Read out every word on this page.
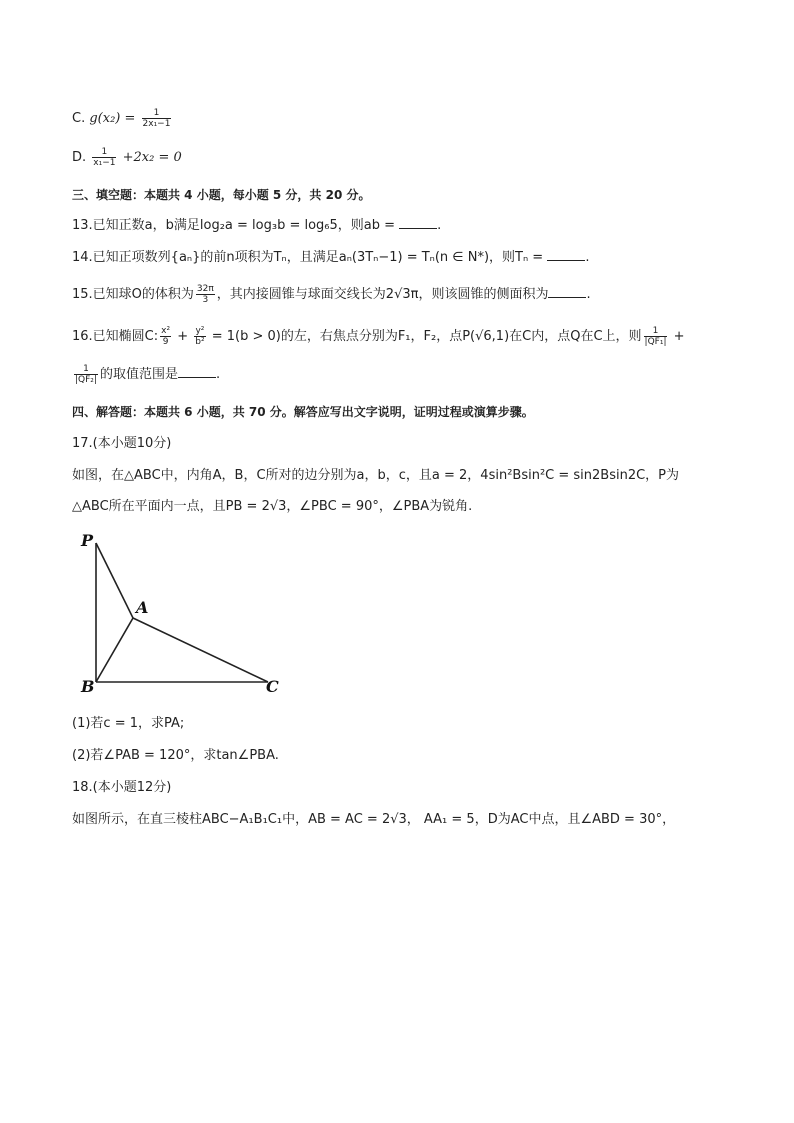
C. $g(x_2) = \frac{1}{\text{2x₁−1}}$
D. $\frac{1}{\text{x₁−1}} +2x_2 = 0$
三、填空题：本题共 4 小题，每小题 5 分，共 20 分。
13.已知正数a，b满足log₂a = log₃b = log₆5，则ab =	.
14.已知正项数列{aₙ}的前n项积为Tₙ，且满足aₙ(3Tₙ−1) = Tₙ(n ∈ N*)，则Tₙ =	.
15.已知球O的体积为 $\frac{32\pi}{3}$ ，其内接圆锥与球面交线长为2√3π，则该圆锥的侧面积为	.
16.已知椭圆C: $\frac{\text{x²}}{9} + \frac{\text{y²}}{\text{b²}} = 1(b > 0)$的左，右焦点分别为F₁，F₂，点P(√6,1)在C内，点Q在C上，则 $\frac{1}{\text{|QF₁|}}$ +
$\frac{1}{\text{|QF₂|}}$ 的取值范围是	.
四、解答题：本题共 6 小题，共 70 分。解答应写出文字说明，证明过程或演算步骤。
17.(本小题10分)
如图，在△ABC中，内角A，B，C所对的边分别为a，b，c，且a = 2，4sin²Bsin²C = sin2Bsin2C，P为
△ABC所在平面内一点，且PB = 2√3，∠PBC = 90°，∠PBA为锐角.
P
A
B	C
(1)若c = 1，求PA;
(2)若∠PAB = 120°，求tan∠PBA.
18.(本小题12分)
如图所示，在直三棱柱ABC−A₁B₁C₁中，AB = AC = 2√3， AA₁ = 5，D为AC中点，且∠ABD = 30°，
